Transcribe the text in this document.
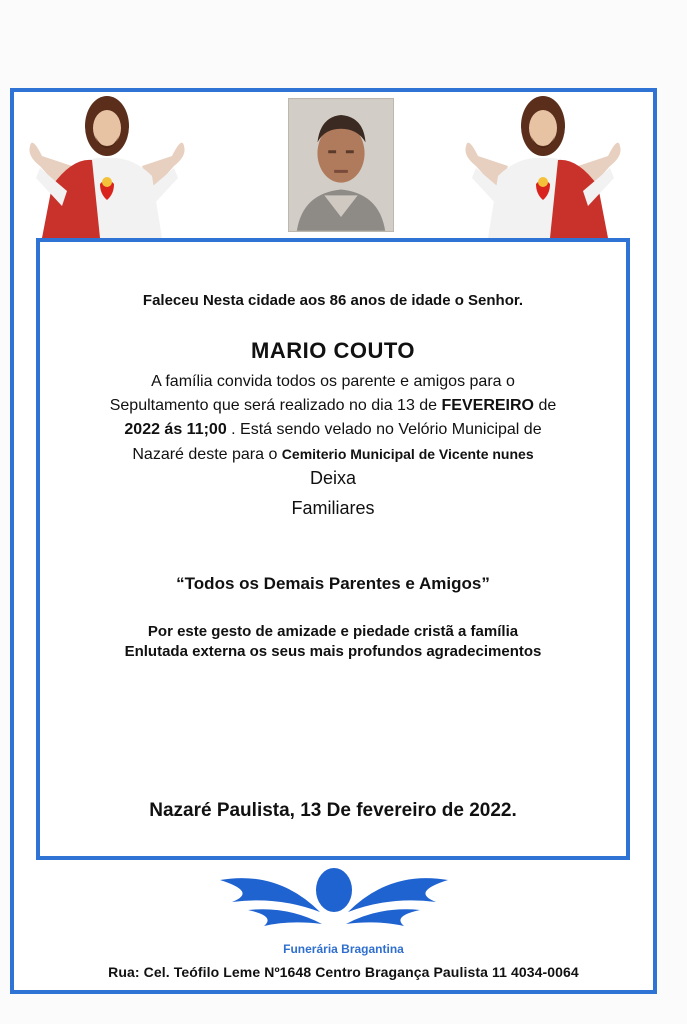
Faleceu Nesta cidade aos 86 anos de idade o Senhor.
MARIO COUTO
A família convida todos os parente e amigos para o
Sepultamento que será realizado no dia 13 de FEVEREIRO de
2022 ás 11;00 . Está sendo velado no Velório Municipal de
Nazaré deste para o Cemiterio Municipal de Vicente nunes
Deixa
Familiares
“Todos os Demais Parentes e Amigos”
Por este gesto de amizade e piedade cristã a família
Enlutada externa os seus mais profundos agradecimentos
Nazaré Paulista, 13 De fevereiro de 2022.
Funerária Bragantina
Rua: Cel. Teófilo Leme Nº1648 Centro Bragança Paulista 11 4034-0064
